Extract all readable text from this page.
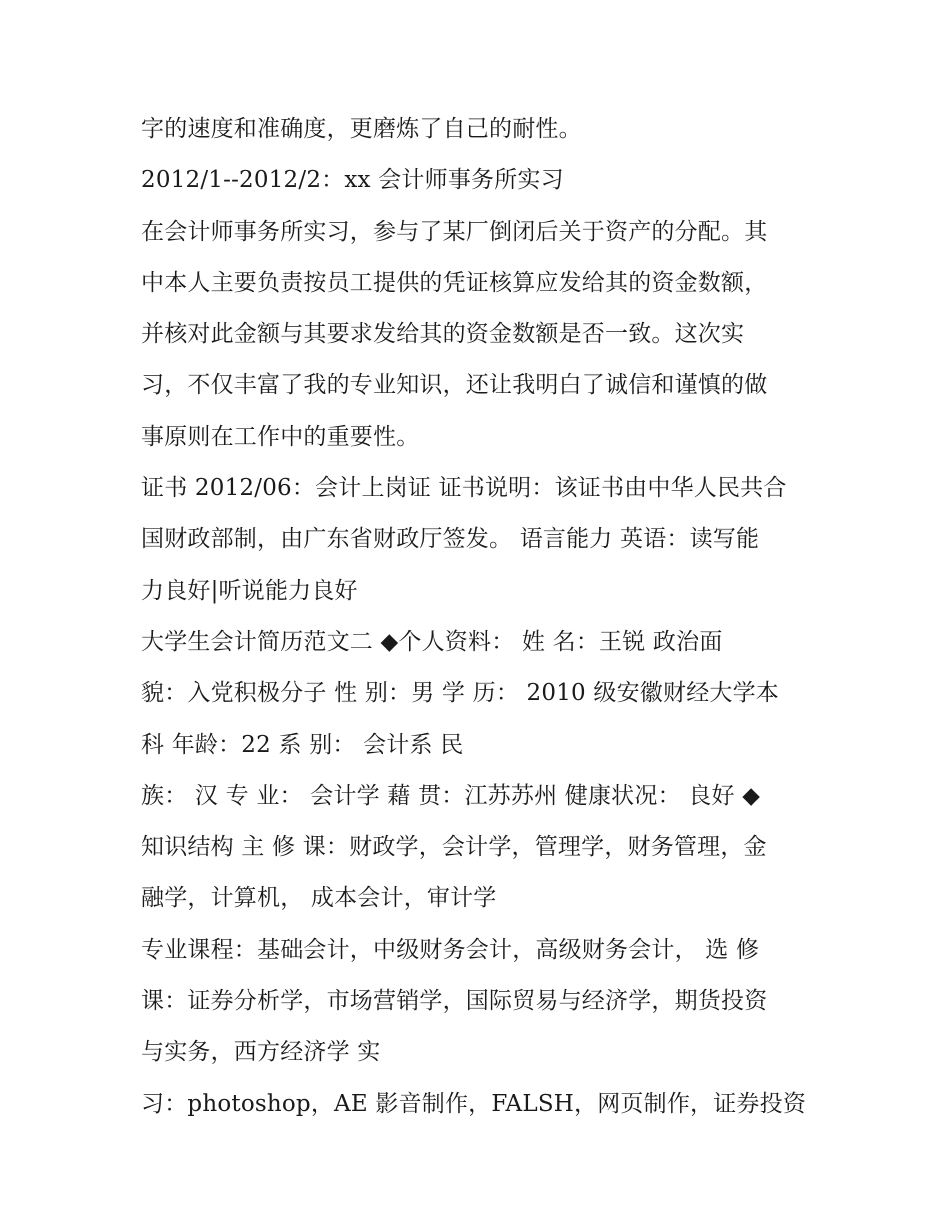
字的速度和准确度，更磨炼了自己的耐性。
2012/1--2012/2：xx 会计师事务所实习
在会计师事务所实习，参与了某厂倒闭后关于资产的分配。其
中本人主要负责按员工提供的凭证核算应发给其的资金数额，
并核对此金额与其要求发给其的资金数额是否一致。这次实
习，不仅丰富了我的专业知识，还让我明白了诚信和谨慎的做
事原则在工作中的重要性。
证书 2012/06：会计上岗证 证书说明：该证书由中华人民共合
国财政部制，由广东省财政厅签发。 语言能力 英语：读写能
力良好|听说能力良好
大学生会计简历范文二 ◆个人资料： 姓 名：王锐 政治面
貌：入党积极分子 性 别：男 学 历： 2010 级安徽财经大学本
科 年龄：22 系 别： 会计系 民
族： 汉 专 业： 会计学 藉 贯：江苏苏州 健康状况： 良好 ◆
知识结构 主 修 课：财政学，会计学，管理学，财务管理，金
融学，计算机， 成本会计，审计学
专业课程：基础会计，中级财务会计，高级财务会计， 选 修
课：证券分析学，市场营销学，国际贸易与经济学，期货投资
与实务，西方经济学 实
习：photoshop，AE 影音制作，FALSH，网页制作，证券投资
